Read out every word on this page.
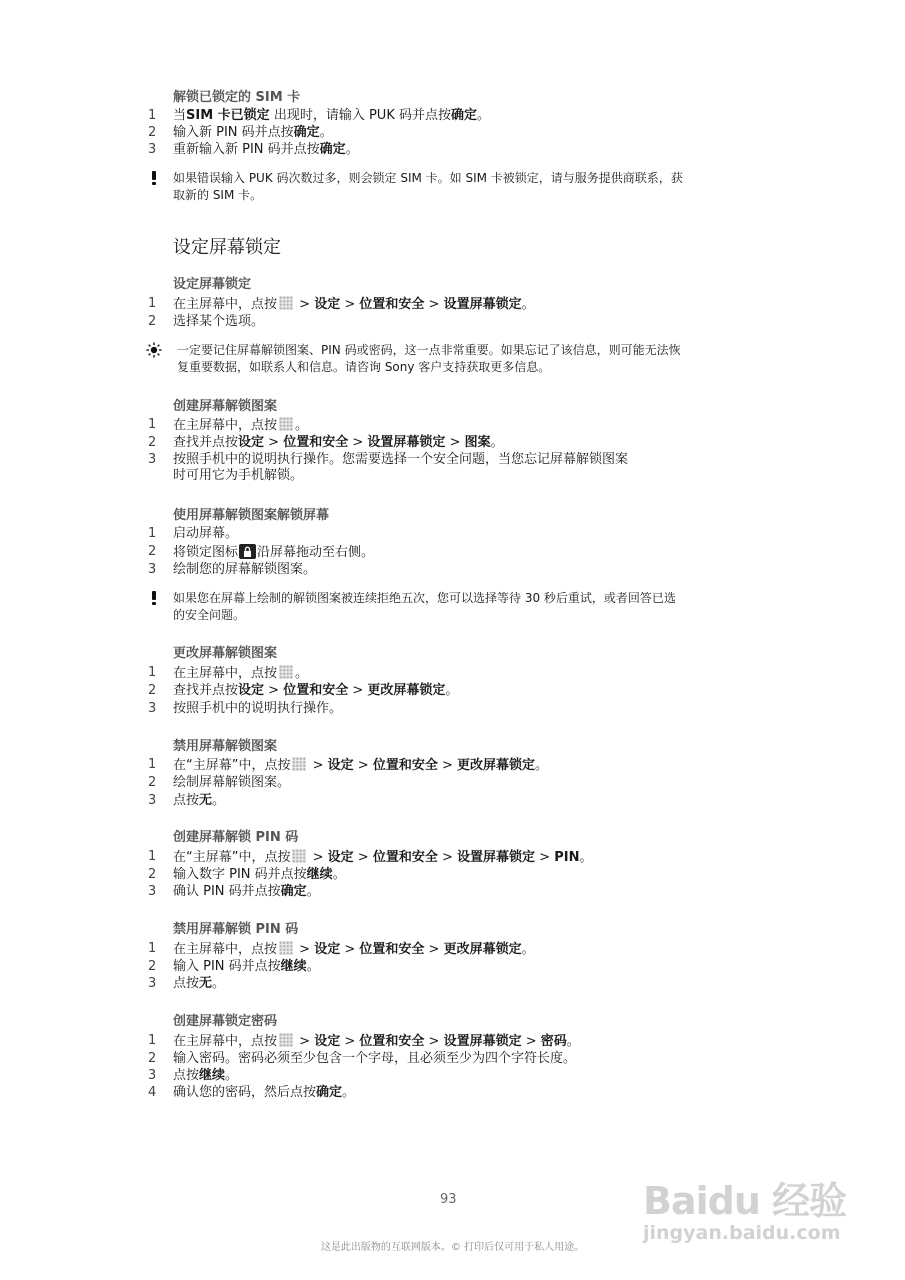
解锁已锁定的 SIM 卡
1	当SIM 卡已锁定 出现时，请输入 PUK 码并点按确定。
2	输入新 PIN 码并点按确定。
3	重新输入新 PIN 码并点按确定。
如果错误输入 PUK 码次数过多，则会锁定 SIM 卡。如 SIM 卡被锁定，请与服务提供商联系，获
取新的 SIM 卡。
设定屏幕锁定
设定屏幕锁定
1	在主屏幕中，点按 > 设定 > 位置和安全 > 设置屏幕锁定。
2	选择某个选项。
一定要记住屏幕解锁图案、PIN 码或密码，这一点非常重要。如果忘记了该信息，则可能无法恢
复重要数据，如联系人和信息。请咨询 Sony 客户支持获取更多信息。
创建屏幕解锁图案
1	在主屏幕中，点按 。
2	查找并点按设定 > 位置和安全 > 设置屏幕锁定 > 图案。
3	按照手机中的说明执行操作。您需要选择一个安全问题，当您忘记屏幕解锁图案
时可用它为手机解锁。
使用屏幕解锁图案解锁屏幕
1	启动屏幕。
2	将锁定图标 沿屏幕拖动至右侧。
3	绘制您的屏幕解锁图案。
如果您在屏幕上绘制的解锁图案被连续拒绝五次，您可以选择等待 30 秒后重试，或者回答已选
的安全问题。
更改屏幕解锁图案
1	在主屏幕中，点按 。
2	查找并点按设定 > 位置和安全 > 更改屏幕锁定。
3	按照手机中的说明执行操作。
禁用屏幕解锁图案
1	在“主屏幕”中，点按 > 设定 > 位置和安全 > 更改屏幕锁定。
2	绘制屏幕解锁图案。
3	点按无。
创建屏幕解锁 PIN 码
1	在“主屏幕”中，点按 > 设定 > 位置和安全 > 设置屏幕锁定 > PIN。
2	输入数字 PIN 码并点按继续。
3	确认 PIN 码并点按确定。
禁用屏幕解锁 PIN 码
1	在主屏幕中，点按 > 设定 > 位置和安全 > 更改屏幕锁定。
2	输入 PIN 码并点按继续。
3	点按无。
创建屏幕锁定密码
1	在主屏幕中，点按 > 设定 > 位置和安全 > 设置屏幕锁定 > 密码。
2	输入密码。密码必须至少包含一个字母，且必须至少为四个字符长度。
3	点按继续。
4	确认您的密码，然后点按确定。
Baidu 经验
jingyan.baidu.com
93
这是此出版物的互联网版本。© 打印后仅可用于私人用途。
